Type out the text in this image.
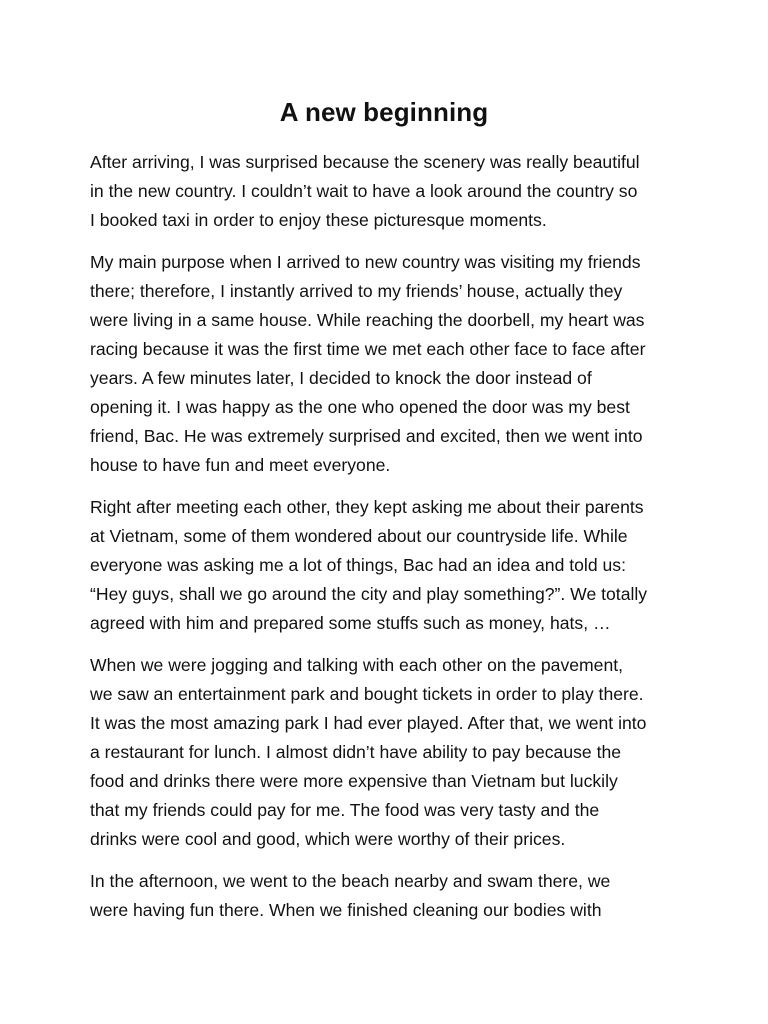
A new beginning

After arriving, I was surprised because the scenery was really beautiful
in the new country. I couldn’t wait to have a look around the country so
I booked taxi in order to enjoy these picturesque moments.

My main purpose when I arrived to new country was visiting my friends
there; therefore, I instantly arrived to my friends’ house, actually they
were living in a same house. While reaching the doorbell, my heart was
racing because it was the first time we met each other face to face after
years. A few minutes later, I decided to knock the door instead of
opening it. I was happy as the one who opened the door was my best
friend, Bac. He was extremely surprised and excited, then we went into
house to have fun and meet everyone.

Right after meeting each other, they kept asking me about their parents
at Vietnam, some of them wondered about our countryside life. While
everyone was asking me a lot of things, Bac had an idea and told us:
“Hey guys, shall we go around the city and play something?”. We totally
agreed with him and prepared some stuffs such as money, hats, …

When we were jogging and talking with each other on the pavement,
we saw an entertainment park and bought tickets in order to play there.
It was the most amazing park I had ever played. After that, we went into
a restaurant for lunch. I almost didn’t have ability to pay because the
food and drinks there were more expensive than Vietnam but luckily
that my friends could pay for me. The food was very tasty and the
drinks were cool and good, which were worthy of their prices.

In the afternoon, we went to the beach nearby and swam there, we
were having fun there. When we finished cleaning our bodies with
